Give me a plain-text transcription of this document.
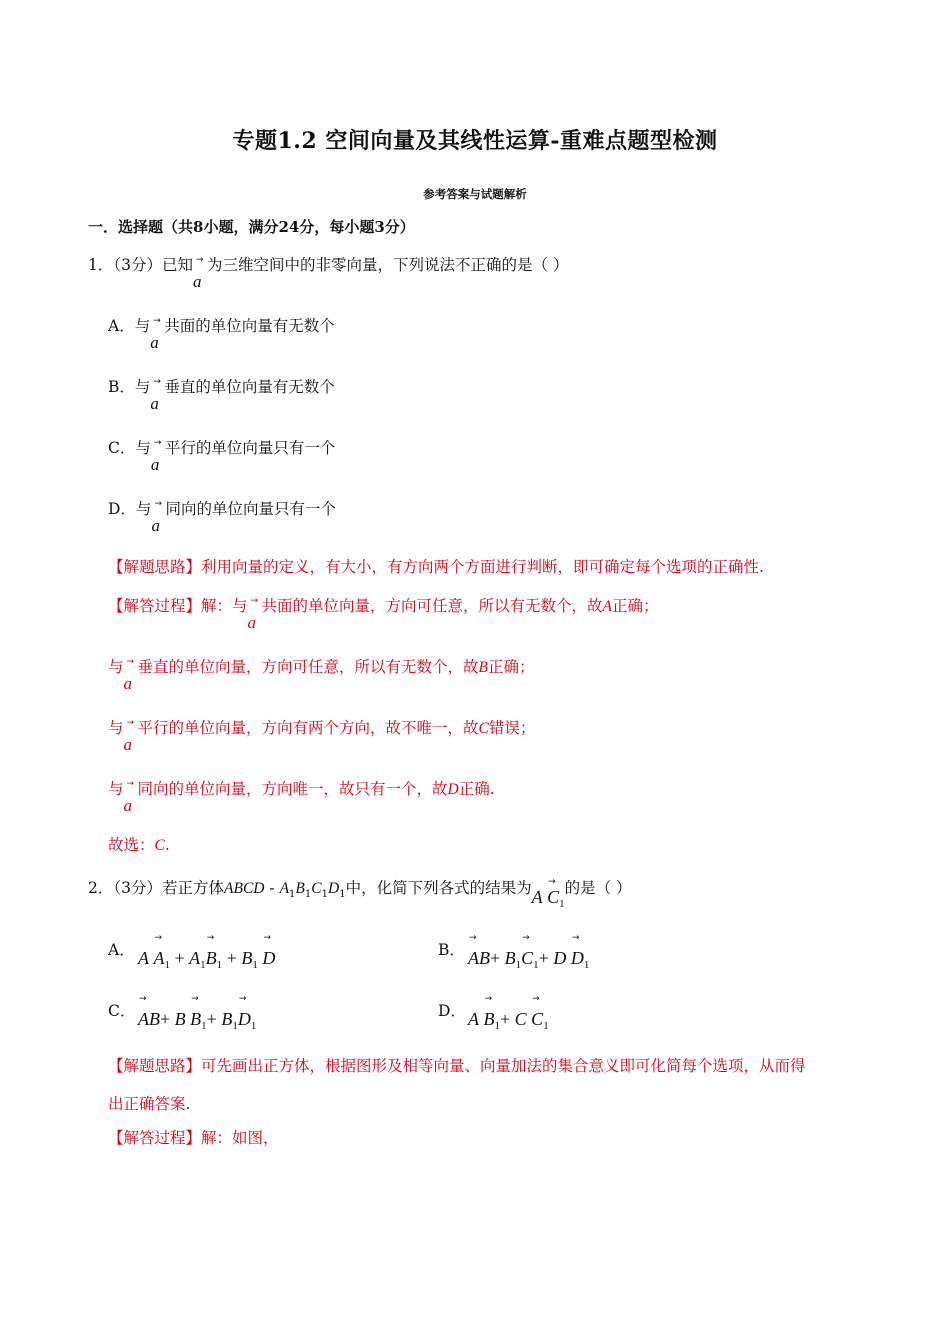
专题1.2 空间向量及其线性运算-重难点题型检测
参考答案与试题解析
一．选择题（共8小题，满分24分，每小题3分）
1．（3分）已知 →
a
为三维空间中的非零向量，下列说法不正确的是（ ）
A．与 →
a
共面的单位向量有无数个
B．与 →
a
垂直的单位向量有无数个
C．与 →
a
平行的单位向量只有一个
D．与 →
a
同向的单位向量只有一个
【解题思路】利用向量的定义，有大小，有方向两个方面进行判断，即可确定每个选项的正确性.
【解答过程】解：与 →
a
共面的单位向量，方向可任意，所以有无数个，故A正确；
与 →
a
垂直的单位向量，方向可任意，所以有无数个，故B正确；
与 →
a
平行的单位向量，方向有两个方向，故不唯一，故C错误；
与 →
a
同向的单位向量，方向唯一，故只有一个，故D正确.
故选：C.
2．（3分）若正方体ABCD - $A_1B_1C_1D_1$中，化简下列各式的结果为$A \to C_1$的是（ ）
A． $A \to A_1 + A_1\to B_1 + B_1 \to D$	B． → $AB+ B_1\to C_1+ D \to D_1$
C． → $AB+ B \to B_1+ B_1\to D_1$
D． $A \to B_1+ C \to C_1$
【解题思路】可先画出正方体，根据图形及相等向量、向量加法的集合意义即可化简每个选项，从而得
出正确答案.
【解答过程】解：如图，
